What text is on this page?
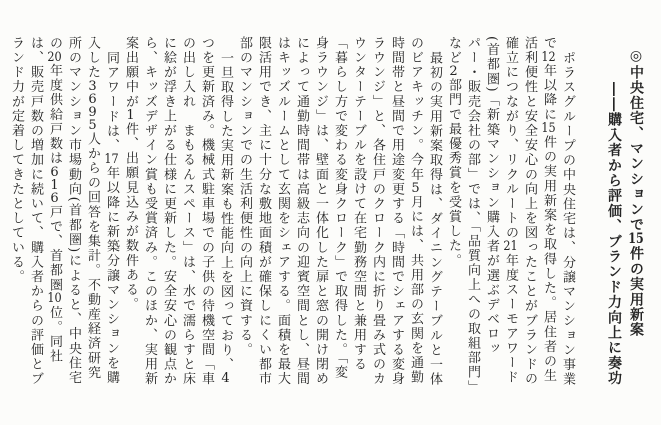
◎中央住宅、マンションで15件の実用新案
――購入者から評価、ブランド力向上に奏功

ポラスグループの中央住宅は、分譲マンション事業で12年以降に15件の実用新案を取得した。居住者の生活利便性と安全安心の向上を図ったことがブランドの確立につながり、リクルートの21年度スーモアワード(首都圏)「新築マンション購入者が選ぶデベロッパー・販売会社の部」では、「品質向上への取組部門」など2部門で最優秀賞を受賞した。

最初の実用新案取得は、ダイニングテーブルと一体のビアキッチン。今年5月には、共用部の玄関を通勤時間帯と昼間で用途変更する「時間でシェアする変身ラウンジ」と、各住戸のクローク内に折り畳み式のカウンターテーブルを設けて在宅勤務空間と兼用する「暮らし方で変わる変身クローク」で取得した。「変身ラウンジ」は、壁面と一体化した扉と窓の開け閉めによって通勤時間帯は高級志向の迎賓空間とし、昼間はキッズルームとして玄関をシェアする。面積を最大限活用でき、主に十分な敷地面積が確保しにくい都市部のマンションでの生活利便性の向上に資する。

一旦取得した実用新案も性能向上を図っており、4つを更新済み。機械式駐車場での子供の待機空間「車の出し入れ　まもるんスペース」は、水で濡らすと床に絵が浮き上がる仕様に更新した。安全安心の観点から、キッズデザイン賞も受賞済み。このほか、実用新案出願中が1件、出願見込みが数件ある。

同アワードは、17年以降に新築分譲マンションを購入した3695人からの回答を集計。不動産経済研究所のマンション市場動向(首都圏)によると、中央住宅の20年度供給戸数は616戸で、首都圏10位。同社は、販売戸数の増加に続いて、購入者からの評価とブランド力が定着してきたとしている。
